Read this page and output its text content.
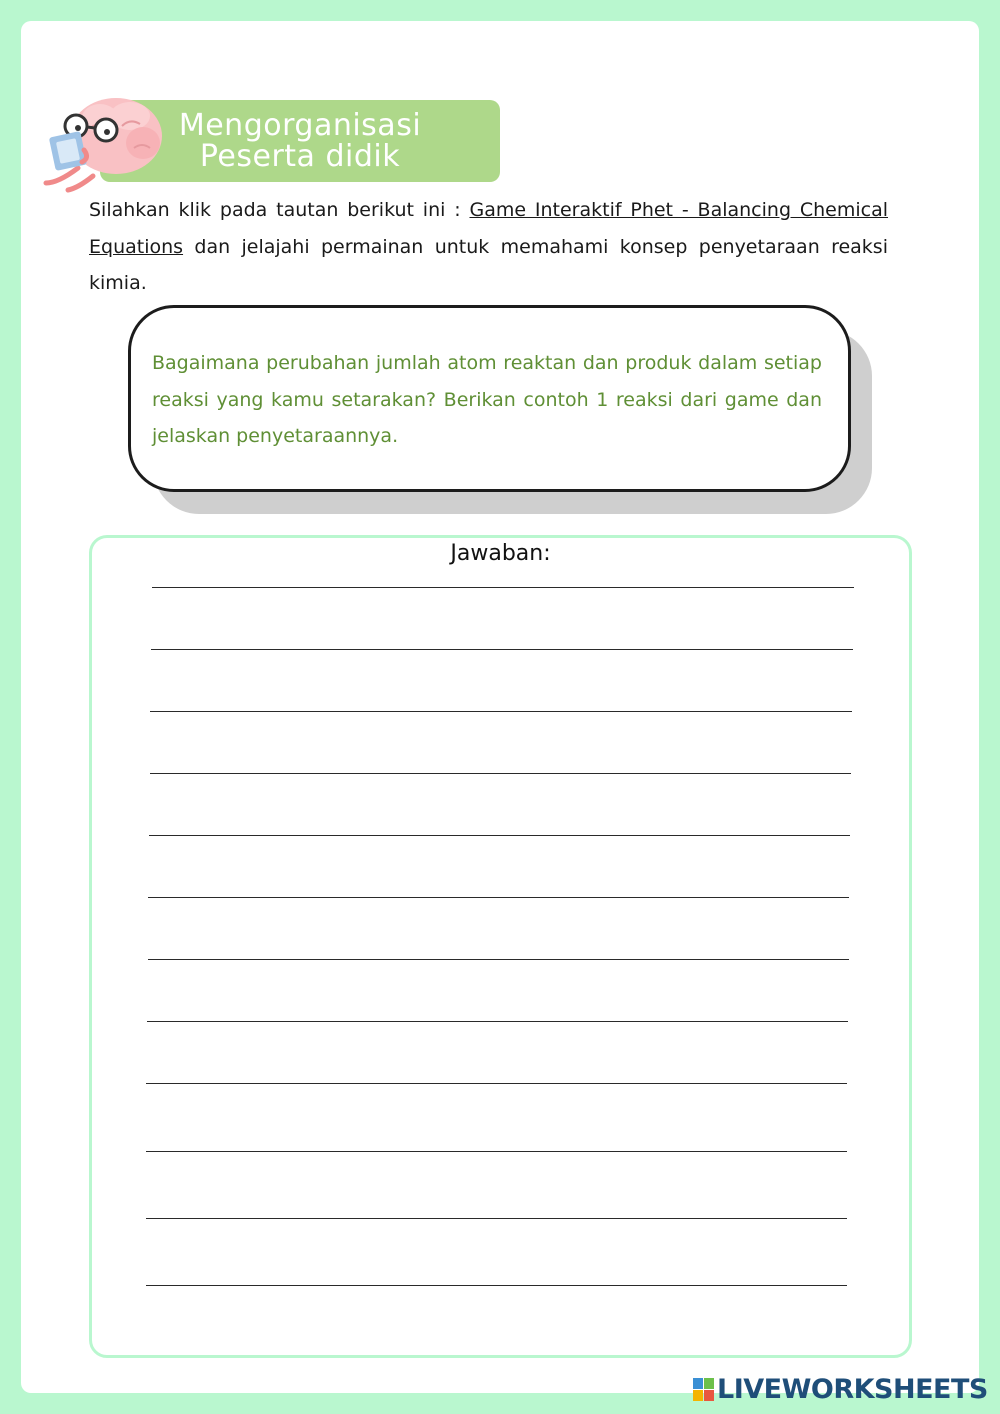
Mengorganisasi
Peserta didik
Silahkan klik pada tautan berikut ini : Game Interaktif Phet - Balancing Chemical Equations dan jelajahi permainan untuk memahami konsep penyetaraan reaksi kimia.
Bagaimana perubahan jumlah atom reaktan dan produk dalam setiap reaksi yang kamu setarakan? Berikan contoh 1 reaksi dari game dan jelaskan penyetaraannya.
Jawaban:
LIVEWORKSHEETS
